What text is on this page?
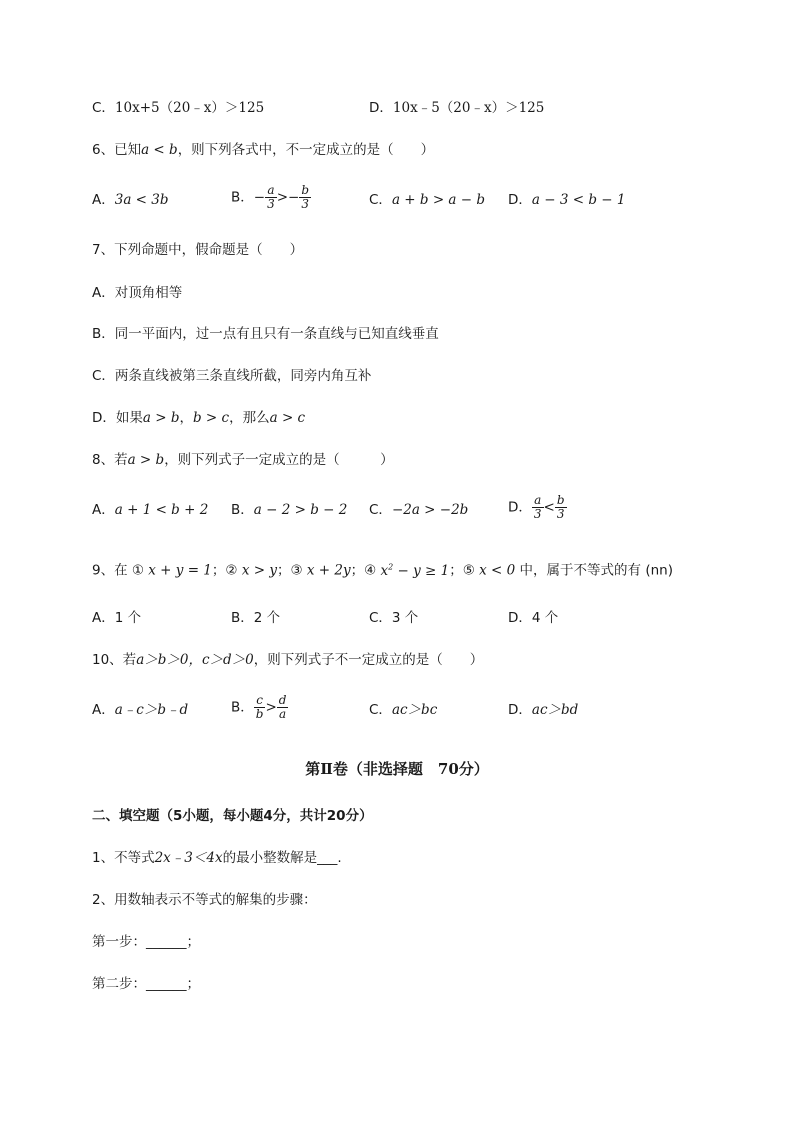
C．10x+5（20﹣x）＞125	D．10x﹣5（20﹣x）＞125
6、已知a < b，则下列各式中，不一定成立的是（　　）
A．3a < 3b	B．− $\frac{a}{3} >- \frac{b}{3}$	C．a + b > a − b D．a − 3 < b − 1
7、下列命题中，假命题是（　　）
A．对顶角相等
B．同一平面内，过一点有且只有一条直线与已知直线垂直
C．两条直线被第三条直线所截，同旁内角互补
D．如果a > b，b > c，那么a > c
8、若a > b，则下列式子一定成立的是（　　　）
A．a + 1 < b + 2 B．a − 2 > b − 2 C．−2a > −2b	D． $\frac{a}{3} < \frac{b}{3}$
9、在 ① x + y = 1；② x > y；③ x + 2y；④ $x^2 - y \ge 1$；⑤ x < 0 中，属于不等式的有 (nn)
A．1 个	B．2 个	C．3 个	D．4 个
10、若a＞b＞0，c＞d＞0，则下列式子不一定成立的是（　　）
A．a﹣c＞b﹣d	B． $\frac{c}{b} > \frac{d}{a}$	C．ac＞bc	D．ac＞bd
第Ⅱ卷（非选择题　70分）
二、填空题（5小题，每小题4分，共计20分）
1、不等式2x﹣3＜4x的最小整数解是___.
2、用数轴表示不等式的解集的步骤：
第一步：______；
第二步：______；
